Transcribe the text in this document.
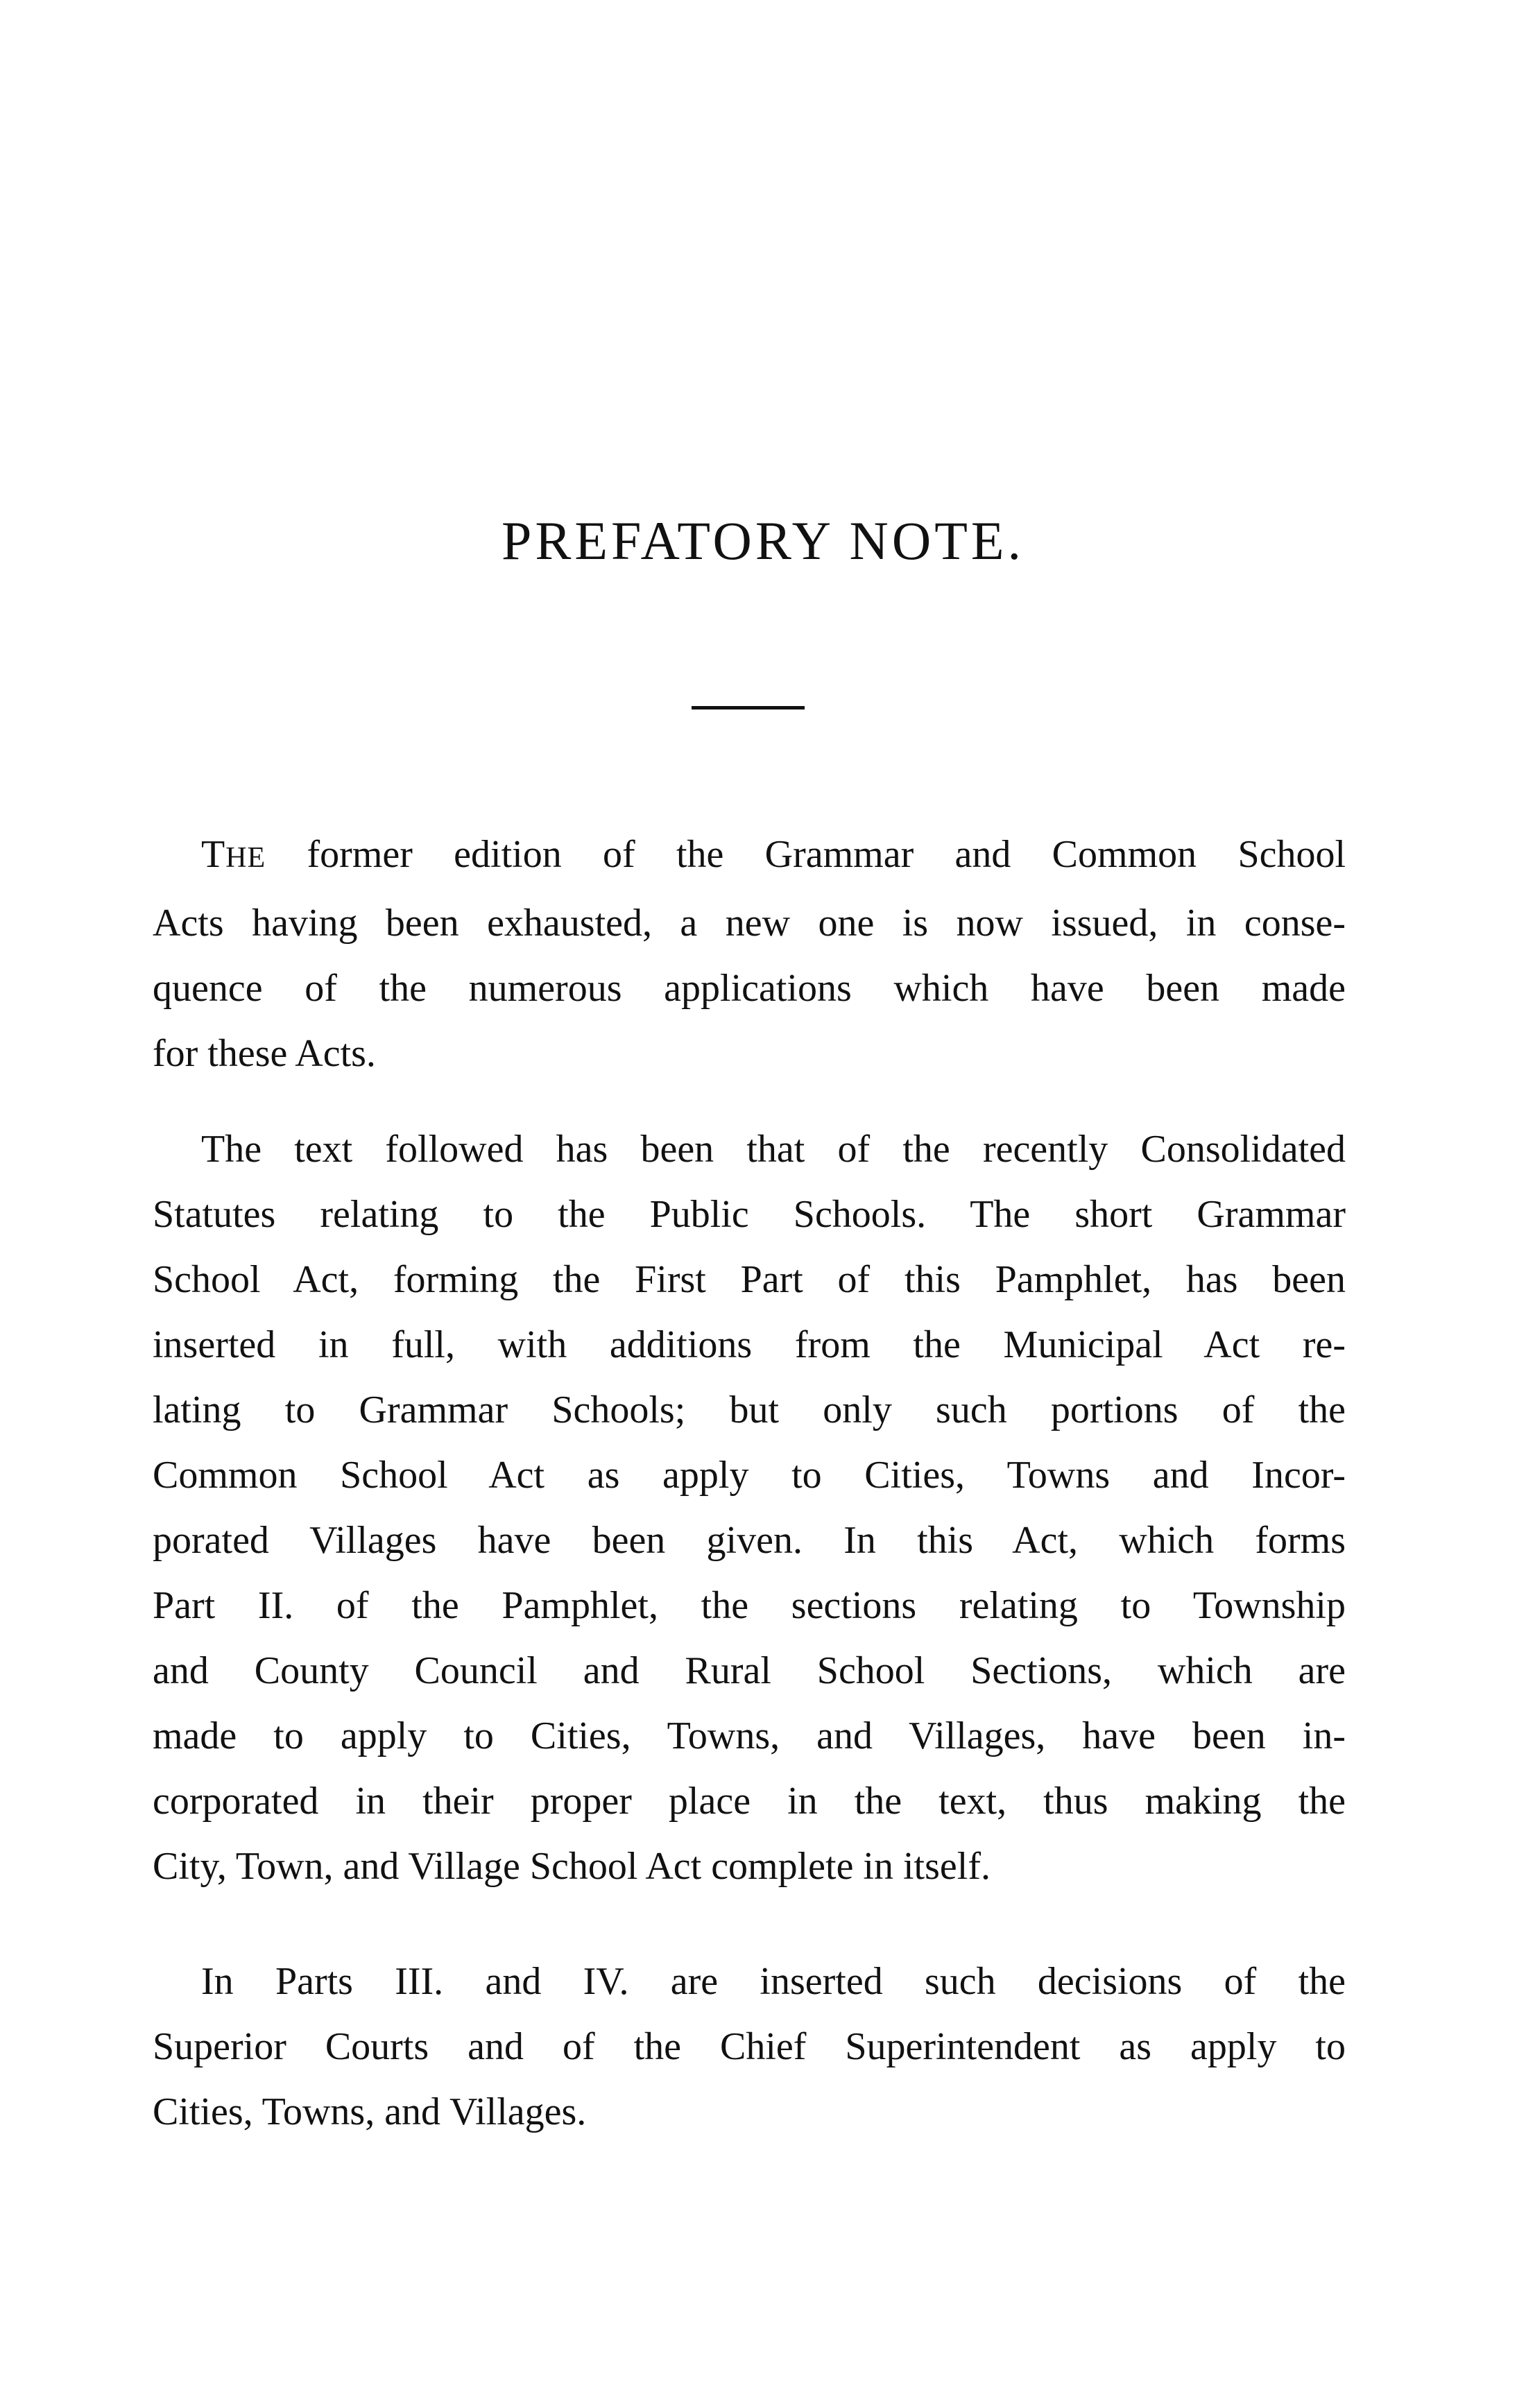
PREFATORY NOTE.

THE former edition of the Grammar and Common School
Acts having been exhausted, a new one is now issued, in conse-
quence of the numerous applications which have been made
for these Acts.

The text followed has been that of the recently Consolidated
Statutes relating to the Public Schools. The short Grammar
School Act, forming the First Part of this Pamphlet, has been
inserted in full, with additions from the Municipal Act re-
lating to Grammar Schools; but only such portions of the
Common School Act as apply to Cities, Towns and Incor-
porated Villages have been given. In this Act, which forms
Part II. of the Pamphlet, the sections relating to Township
and County Council and Rural School Sections, which are
made to apply to Cities, Towns, and Villages, have been in-
corporated in their proper place in the text, thus making the
City, Town, and Village School Act complete in itself.

In Parts III. and IV. are inserted such decisions of the
Superior Courts and of the Chief Superintendent as apply to
Cities, Towns, and Villages.
